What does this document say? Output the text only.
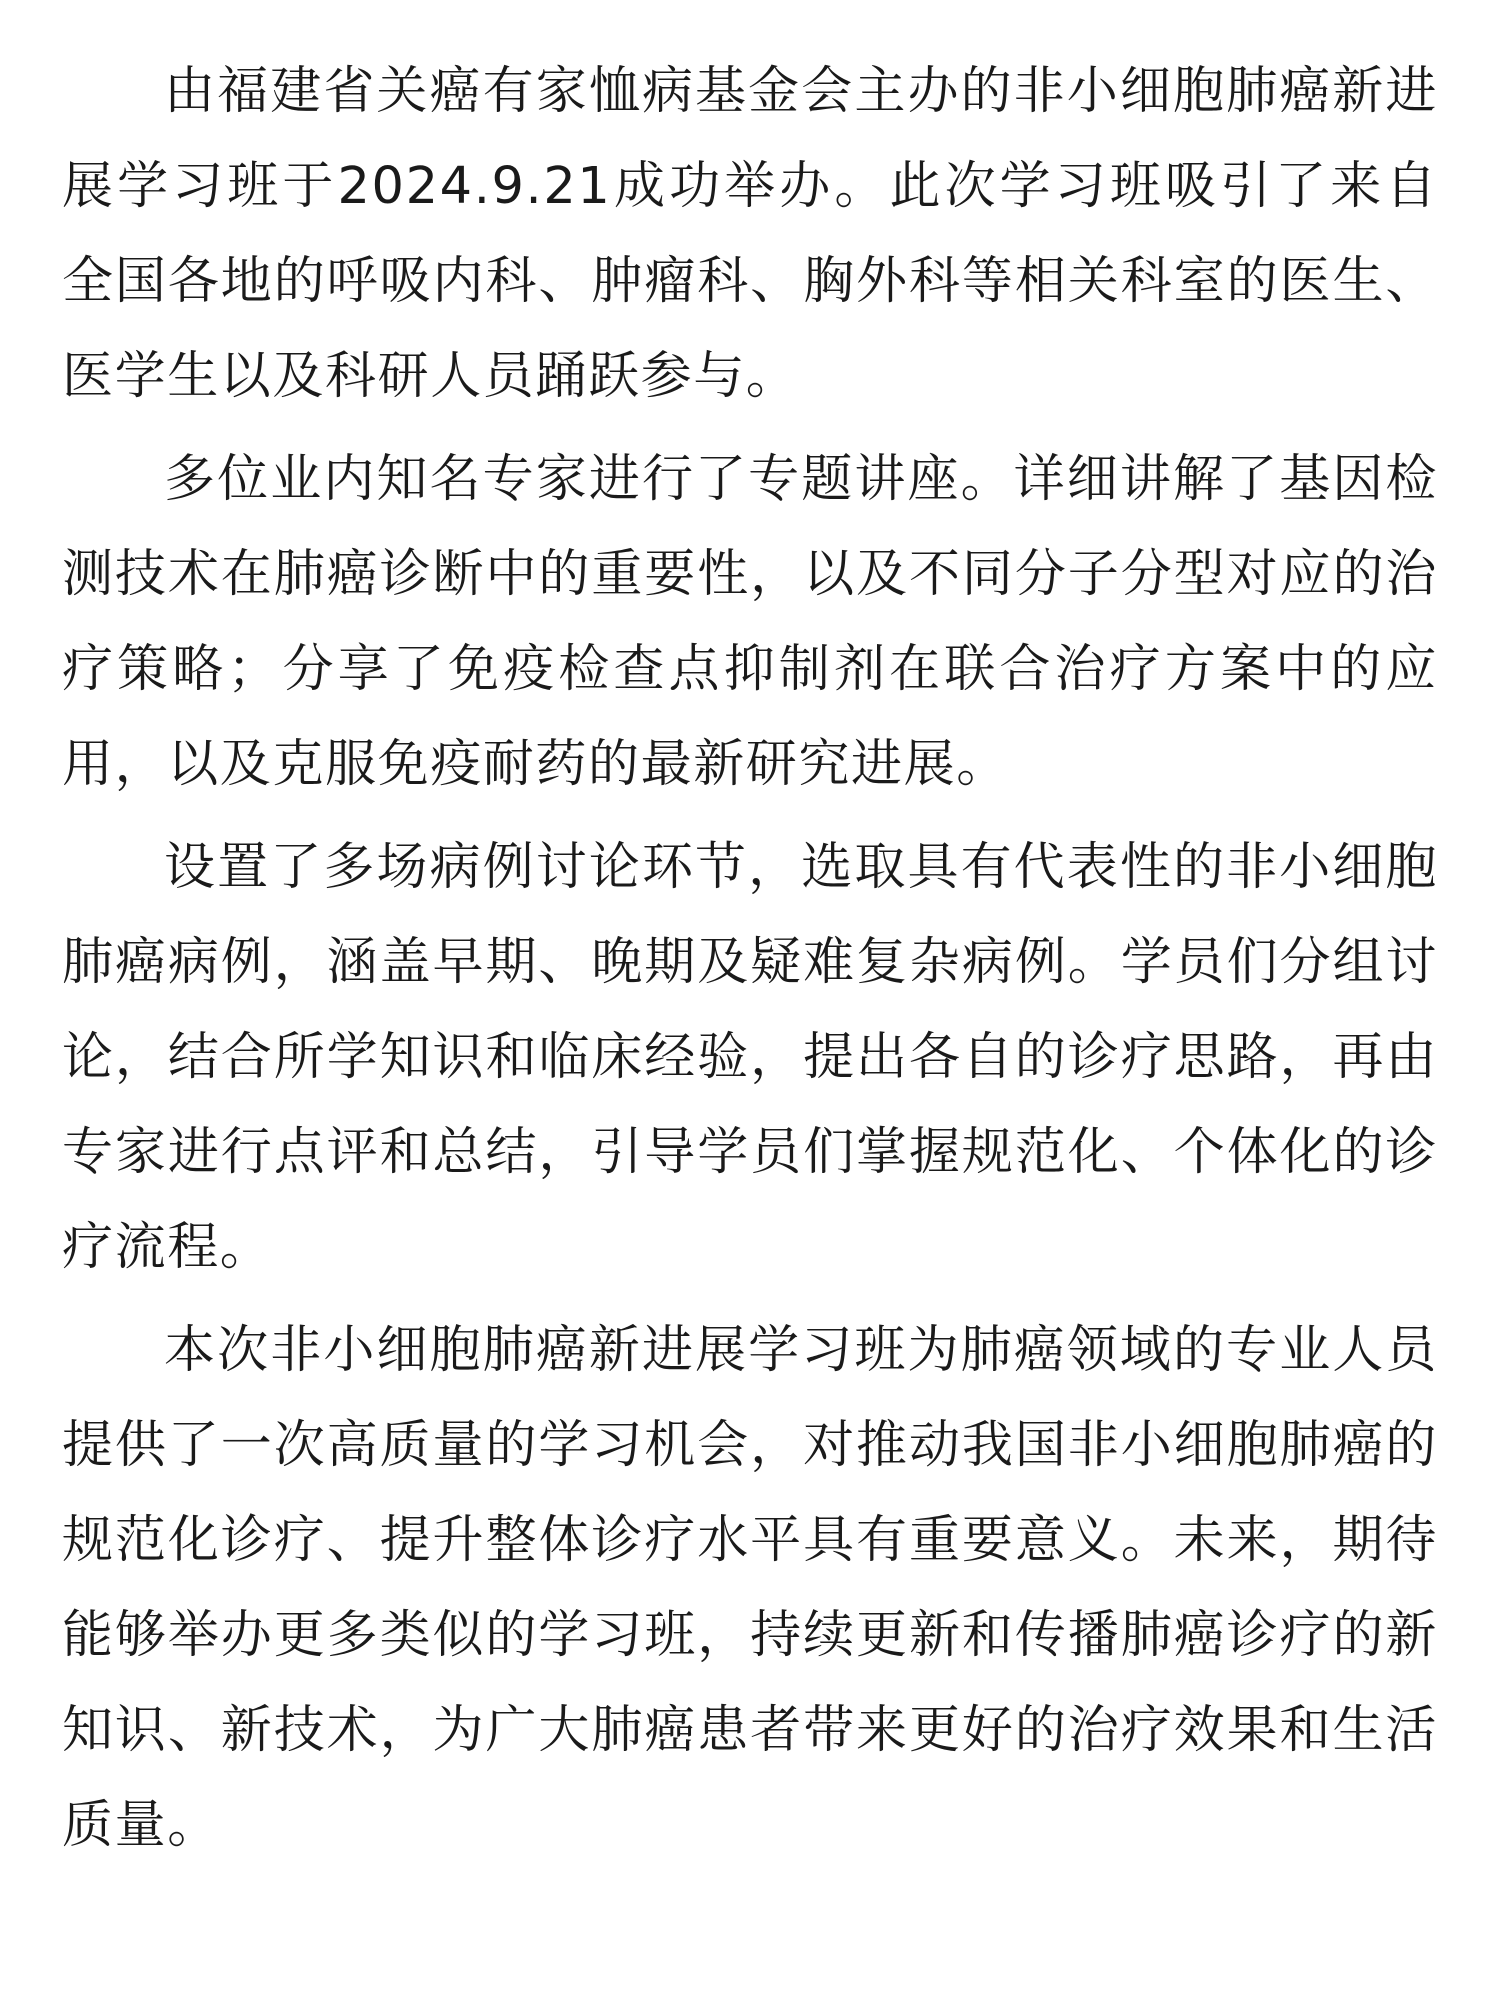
由福建省关癌有家恤病基金会主办的非小细胞肺癌新进展学习班于2024.9.21成功举办。此次学习班吸引了来自全国各地的呼吸内科、肿瘤科、胸外科等相关科室的医生、医学生以及科研人员踊跃参与。

多位业内知名专家进行了专题讲座。详细讲解了基因检测技术在肺癌诊断中的重要性，以及不同分子分型对应的治疗策略；分享了免疫检查点抑制剂在联合治疗方案中的应用，以及克服免疫耐药的最新研究进展。

设置了多场病例讨论环节，选取具有代表性的非小细胞肺癌病例，涵盖早期、晚期及疑难复杂病例。学员们分组讨论，结合所学知识和临床经验，提出各自的诊疗思路，再由专家进行点评和总结，引导学员们掌握规范化、个体化的诊疗流程。

本次非小细胞肺癌新进展学习班为肺癌领域的专业人员提供了一次高质量的学习机会，对推动我国非小细胞肺癌的规范化诊疗、提升整体诊疗水平具有重要意义。未来，期待能够举办更多类似的学习班，持续更新和传播肺癌诊疗的新知识、新技术，为广大肺癌患者带来更好的治疗效果和生活质量。
